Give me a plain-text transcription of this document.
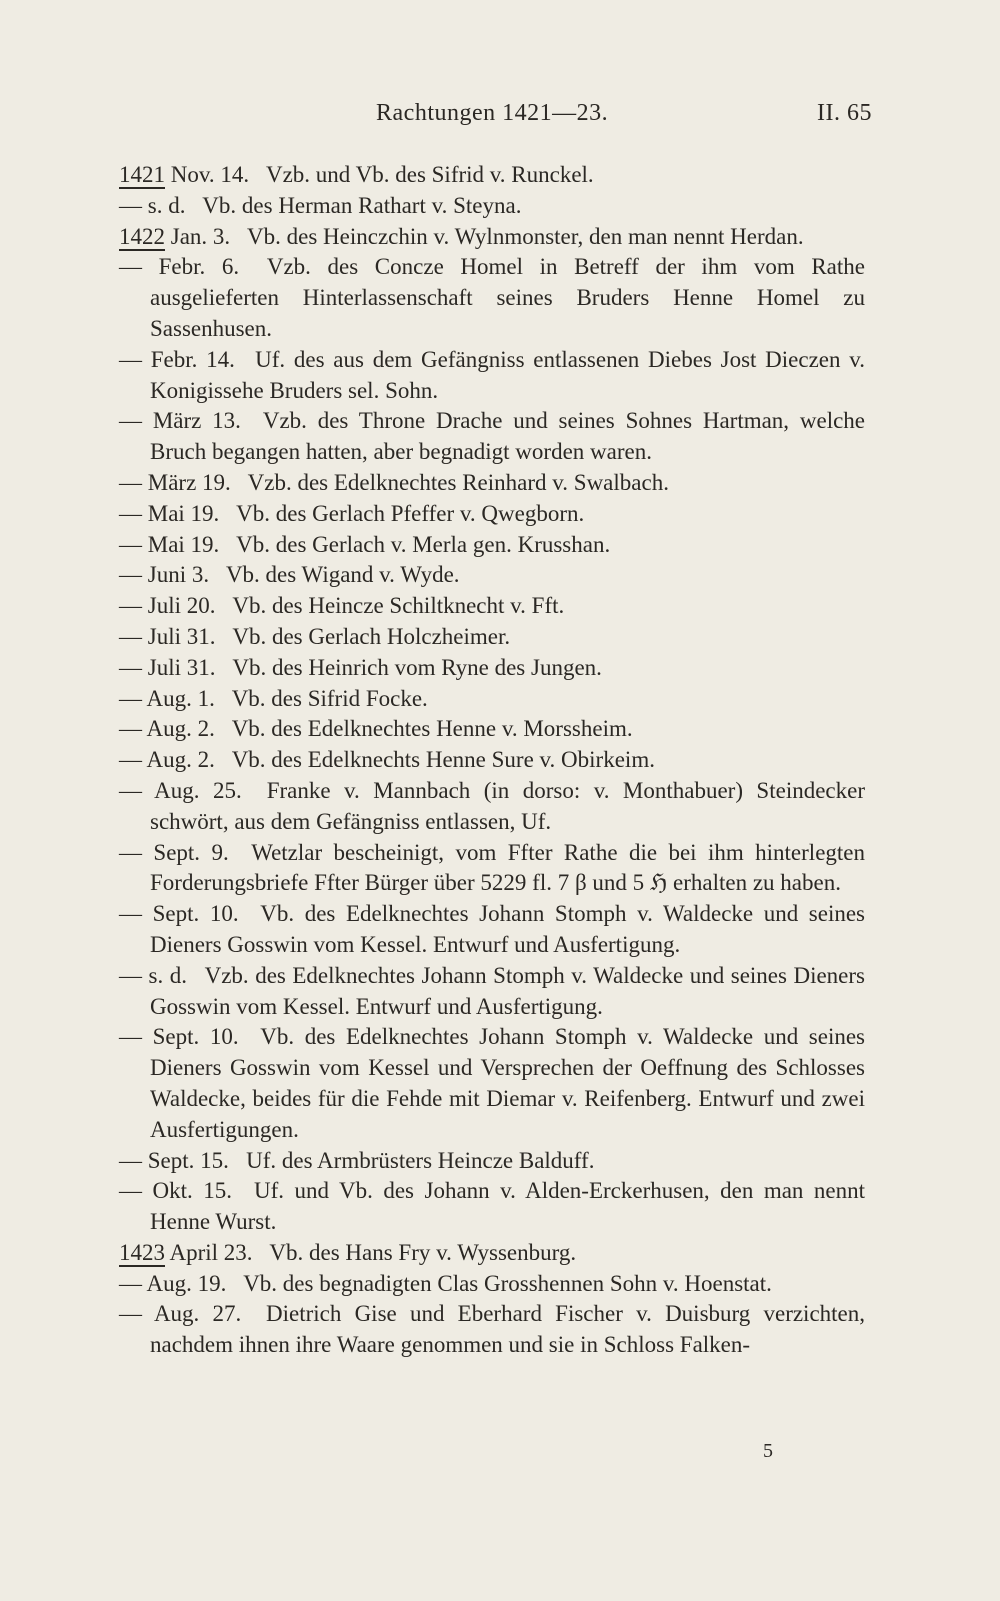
Rachtungen 1421—23.	II. 65
1421 Nov. 14.  Vzb. und Vb. des Sifrid v. Runckel.
— s. d.  Vb. des Herman Rathart v. Steyna.
1422 Jan. 3.  Vb. des Heinczchin v. Wylnmonster, den man nennt Herdan.
— Febr. 6.  Vzb. des Concze Homel in Betreff der ihm vom Rathe ausgelieferten Hinterlassenschaft seines Bruders Henne Homel zu Sassenhusen.
— Febr. 14.  Uf. des aus dem Gefängniss entlassenen Diebes Jost Dieczen v. Konigissehe Bruders sel. Sohn.
— März 13.  Vzb. des Throne Drache und seines Sohnes Hartman, welche Bruch begangen hatten, aber begnadigt worden waren.
— März 19.  Vzb. des Edelknechtes Reinhard v. Swalbach.
— Mai 19.  Vb. des Gerlach Pfeffer v. Qwegborn.
— Mai 19.  Vb. des Gerlach v. Merla gen. Krusshan.
— Juni 3.  Vb. des Wigand v. Wyde.
— Juli 20.  Vb. des Heincze Schiltknecht v. Fft.
— Juli 31.  Vb. des Gerlach Holczheimer.
— Juli 31.  Vb. des Heinrich vom Ryne des Jungen.
— Aug. 1.  Vb. des Sifrid Focke.
— Aug. 2.  Vb. des Edelknechtes Henne v. Morssheim.
— Aug. 2.  Vb. des Edelknechts Henne Sure v. Obirkeim.
— Aug. 25.  Franke v. Mannbach (in dorso: v. Monthabuer) Steindecker schwört, aus dem Gefängniss entlassen, Uf.
— Sept. 9.  Wetzlar bescheinigt, vom Ffter Rathe die bei ihm hinterlegten Forderungsbriefe Ffter Bürger über 5229 fl. 7 β und 5 ℌ erhalten zu haben.
— Sept. 10.  Vb. des Edelknechtes Johann Stomph v. Waldecke und seines Dieners Gosswin vom Kessel. Entwurf und Ausfertigung.
— s. d.  Vzb. des Edelknechtes Johann Stomph v. Waldecke und seines Dieners Gosswin vom Kessel. Entwurf und Ausfertigung.
— Sept. 10.  Vb. des Edelknechtes Johann Stomph v. Waldecke und seines Dieners Gosswin vom Kessel und Versprechen der Oeffnung des Schlosses Waldecke, beides für die Fehde mit Diemar v. Reifenberg. Entwurf und zwei Ausfertigungen.
— Sept. 15.  Uf. des Armbrüsters Heincze Balduff.
— Okt. 15.  Uf. und Vb. des Johann v. Alden-Erckerhusen, den man nennt Henne Wurst.
1423 April 23.  Vb. des Hans Fry v. Wyssenburg.
— Aug. 19.  Vb. des begnadigten Clas Grosshennen Sohn v. Hoenstat.
— Aug. 27.  Dietrich Gise und Eberhard Fischer v. Duisburg verzichten, nachdem ihnen ihre Waare genommen und sie in Schloss Falken-
5
